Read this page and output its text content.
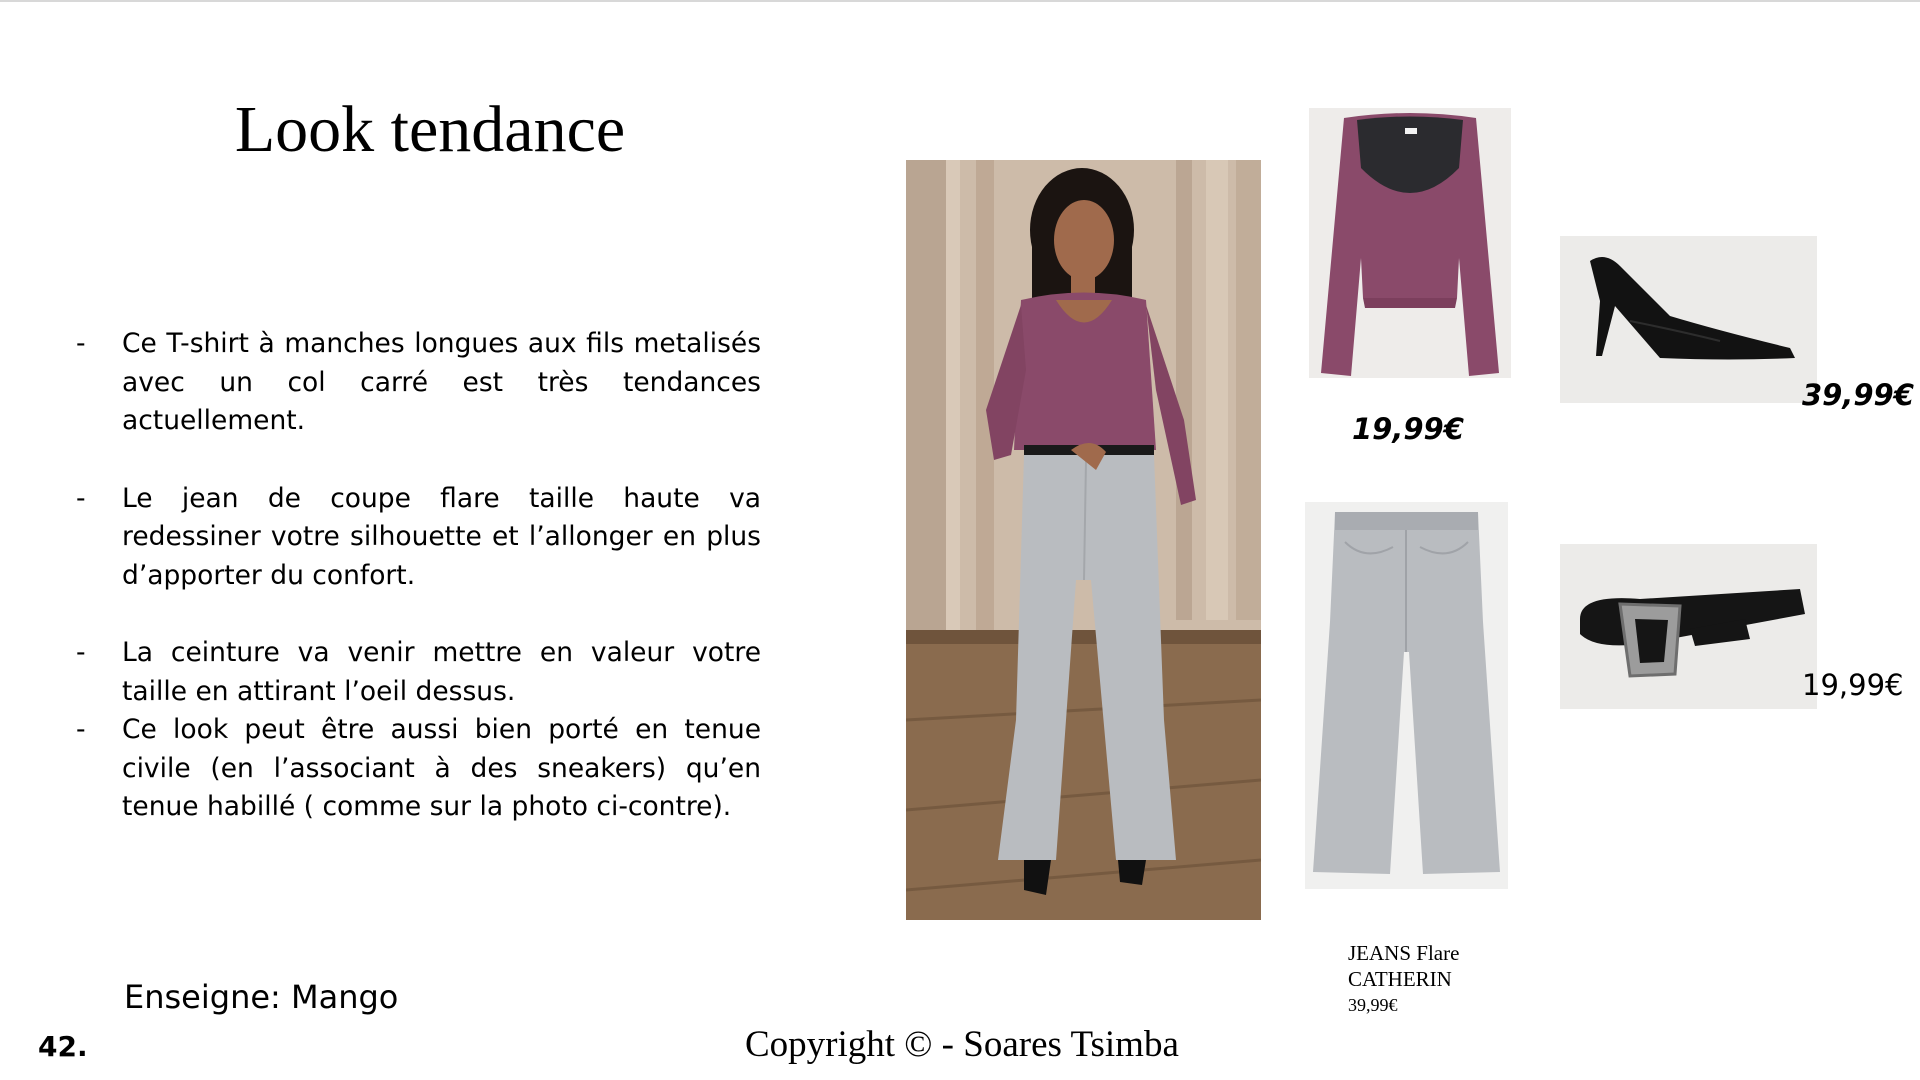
Look tendance
- Ce T-shirt à manches longues aux fils metalisés avec un col carré est très tendances actuellement.
- Le jean de coupe flare taille haute va redessiner votre silhouette et l’allonger en plus d’apporter du confort.
- La ceinture va venir mettre en valeur votre taille en attirant l’oeil dessus.
- Ce look peut être aussi bien porté en tenue civile (en l’associant à des sneakers) qu’en tenue habillé ( comme sur la photo ci-contre).
Enseigne: Mango
42.	Copyright © - Soares Tsimba
19,99€
39,99€
19,99€
JEANS Flare
CATHERIN
39,99€
